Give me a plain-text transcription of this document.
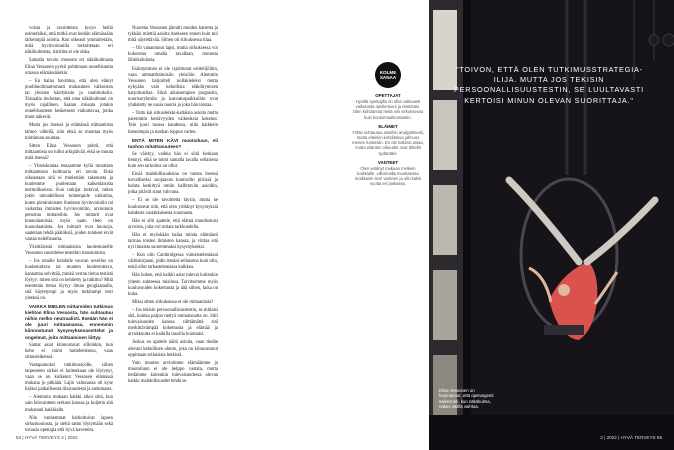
voista ja tavoitteista kysyn heiltä esimerkiksi, että mitkä ovat heidän elämässään tärkeimpiä asioita. Kun oikeasti ymmärretään, mitä hyvinvoinnilla tarkoitetaan eri näkökulmista, ristiriita ei ole uhka.

Samalla tavoin monesta eri näkökulmasta Elina Vessonen pyrkii pohtimaan onnellisuutta omassa elämässäänkin.

– En halua havahtua, että olen elänyt puolihuolimattomasti mukautuen valkoisten tai yleisten käsityksiin ja vaatimuksiin. Toisaalta tiedostan, että oma näkökulmani on myös rajallinen. Saatan missata jotakin onnellisuuteen keskeisesti vaikuttavaa, jonka muut näkevät.

Mutta jos itsensä ja elämänsä mittaamista tahtoo vältellä, niin ehkä se muuttaa myös toiminnan suuntaa.

Sitten Elina Vessonen pohtii, että mittaamista on tullut arkipäivää, eikä se muuta mitä itsessä?

– Yhteiskuntaa testaamme kyllä muuttaen mittaamisen kulttuuria eri tavoin. Ehkä oikeastaan sitä ei mielestäni rakenneta ja kuulemme puolestaan kaikenlaisista testitulikseista. Kun tutkijat tutkivat, miten jokin taloudellinen toimenpide vaikuttaa, kuten pienituloisten ihmisten hyvinvointiin tai vaikuttaa ihmisten hyvinvointiin, arvioinnin perustuu mittareihin. Jos mittarit ovat huonolaatuisia, myös saatu tieto on huonolaatuista. Jos mittarit ovat huonoja, saatetaan tehdä päätöksiä, joiden tulokset eivät vastaa todellisuutta.

Yksittäisistä mittauksista huolestuneille Vessonen suosittelee testeihin tutustumista.

– Jos omalle kohdalle osuvan sovellus on huolestuttava tai muuten huolestuttava, kannattaa selvittää, minkä verran tietoa testistä löytyy: miten sitä on kehitetty ja tutkittu? Mitä enemmän tietoa löytyy ilman googlaamalla, sitä käytetympi ja myös tutkitumpi testi yleensä on.

VAIKKA MIELEN mittareiden tutkimus kiehtoo Elina Vessosta, hän suhtautuu niihin melko neutraalisti. Itseään hän ei ole juuri mittaamassa, ennemmin kiinnostunut kysymyksenasettelut ja ongelmat, joita mittaaminen liittyy.

Samat asiat kiinnostavat silloinkin, kun keho ei toimi huttelemisena, vaan sirkusleikeissä.

Vastapainoksi tutkimustyölle, siihen tarpeeseen sirkus ei kuitenkaan ole löytynyt, vaan se on kulkenut Vessosen elämässä mukana jo pitkään. Lajin valinnassa oli kyse lisäksi paikallisesta tilaisuudesta ja sattumasta.

– Aiemmin mukaan kaikki alkoi siitä, kun sain lelovanteen serkuni kanssa ja kuljetin sitä mukanani kaikkialle.

Niin vanhemmat haltioituivat lapsen sirkuskoulusta, ja sieltä sattui löytymään sekä tosiasia opettajia että hyvä kavereita.

Nuorena Vessonen jännitti muiden katsetta ja tykkäsi miettiä asioita itsekseen ennen kuin tuli mitä näytettävää. Siihen oli sirkuksessa tilaa.

– Oli vanautunut lapsi, mutta sirkuksessa voi kukoistaa omalla tavallaan, monesta lähtökohdasta.

Esiintyminen ei ole rajoittunut esittelijöihin, vaan ammattitaitoisiin yleisöön. Aiemmin Vessonen harjoitteli nollakieleksi mutta nykyään vain kehollisia eläköitymisen harjoitustilaa. Siinä aikuisempien joogaisiin, nuorisoryhmiin ja kasvatuspaikkoihin ovat yhdistetty ne uusia nuoria ja joka hän toistaa.

– Tuttu kai sirkusleikki-kaltaisia asioita mutta paremmin kestävyyden vaikeuksia kokenut. Tein juuri tuossa kaudessa, niitä kaikkein hienoimpia ja matkan loppua varten.

ENTÄ MITEN KÄVI muotoiluun, eli tuohon mitattavuuteen?

Se väistyy, vaikka hän ei siitä koskaan tiennyt, eikä se toimi samalla tavalla sellaisena kuin sen tarkoitus on ollut.

Ensiä mahdollisuuksina on tuntea itsensä turvalliseksi suojaavan kontrollin piirissä ja haluta keskittyä omiin hallittaviin asioihin, jotka pitävät sinut vahvana.

– Ei se ole tavoitteita täysin, mutta ne kuulostavat niin, että olen yrittänyt kysymyksiä kahdesta vastakkaisesta suunnasta.

Hän ei silti ajattele, että elämä muodostuisi arvoista, joita voi mitata tarkkuudella.

Hän ei myöskään halua mitata elämänsä tarinaa toisten ihmisten kanssa, ja viittaa sitä nyt ilmaista suuremmaksi kysymykseksi.

– Kun olin Cambridgessa viimeistelemässä väitöskirjaani, pidin itseäni sellaisena kuin olin, enkä ollut tarkastelemassa kaikkea.

Hän kokee, että kaikki asiat tulevat kuitenkin yhteen suhteessa toisiinsa. Tarvitsemme myös kuuluvuuden kokemusta ja tätä siihen, kuka on kuka.

Miksi sitten sirkuksessa ei ole mittaamista?

– Jos tekisin persoonallisuustestin, se mittaisi sitä, kuinka paljon tiettyä ominaisuutta on. Silti tulevaisuuden kanssa välttämättä sitä merkittävämpää kokemusta ja elämää ja arvokkuutta ei kaikilla tasoilla huomaisi.

Joskus en ajattele näitä asioita, vaan tiedän olevani kehollinen olento, joka on kiinnostunut oppimaan erilaisista hetkistä.

Vain muuten arvioimme elämäämme ja muotoiluun ei ole helppo vastata, mutta tiedämme kuitenkin tulevaisuudessa olevan kaikki mahdollisuudet tehdä se.

54 | HYVÄ TERVEYS 2 | 2022
KOLME
SANAA
OPETTAJAT
Hyvillä opettajilla on ollut valtavasti vaikutusta opiskeluuni ja elämääni. Olen kohdannut heitä niin sirkuksessa kuin koulumaailmassakin.
ELÄIMET
Yritän suhtautua asioihin analyyttisesti, mutta eläimiin kohdistuva julmuus menee tunteisiin. En ole tutkinut asiaa, mutta eläinten oikeudet ovat lähellä sydäntäni.
VANTEET
Olen vetänyt mukaan melkein kaikkialle. Ulkomailla muuttaessa moikkasin ison vanteen ja olin kaksi vuotta eri paikassa.
"TOIVON, ETTÄ OLEN TUTKIMUSSTRATEGIAILIJA. MUTTA JOS TEKISIN PERSOONALLISUUSTESTIN, SE LUULTAVASTI KERTOISI MINUN OLEVAN SUORITTAJA."
Elina Vessonen on huomannut, että opetusgenti saikenneti, kun näkökulma, näkee välillä vaihtoa.
2 | 2022 | HYVÄ TERVEYS 55
